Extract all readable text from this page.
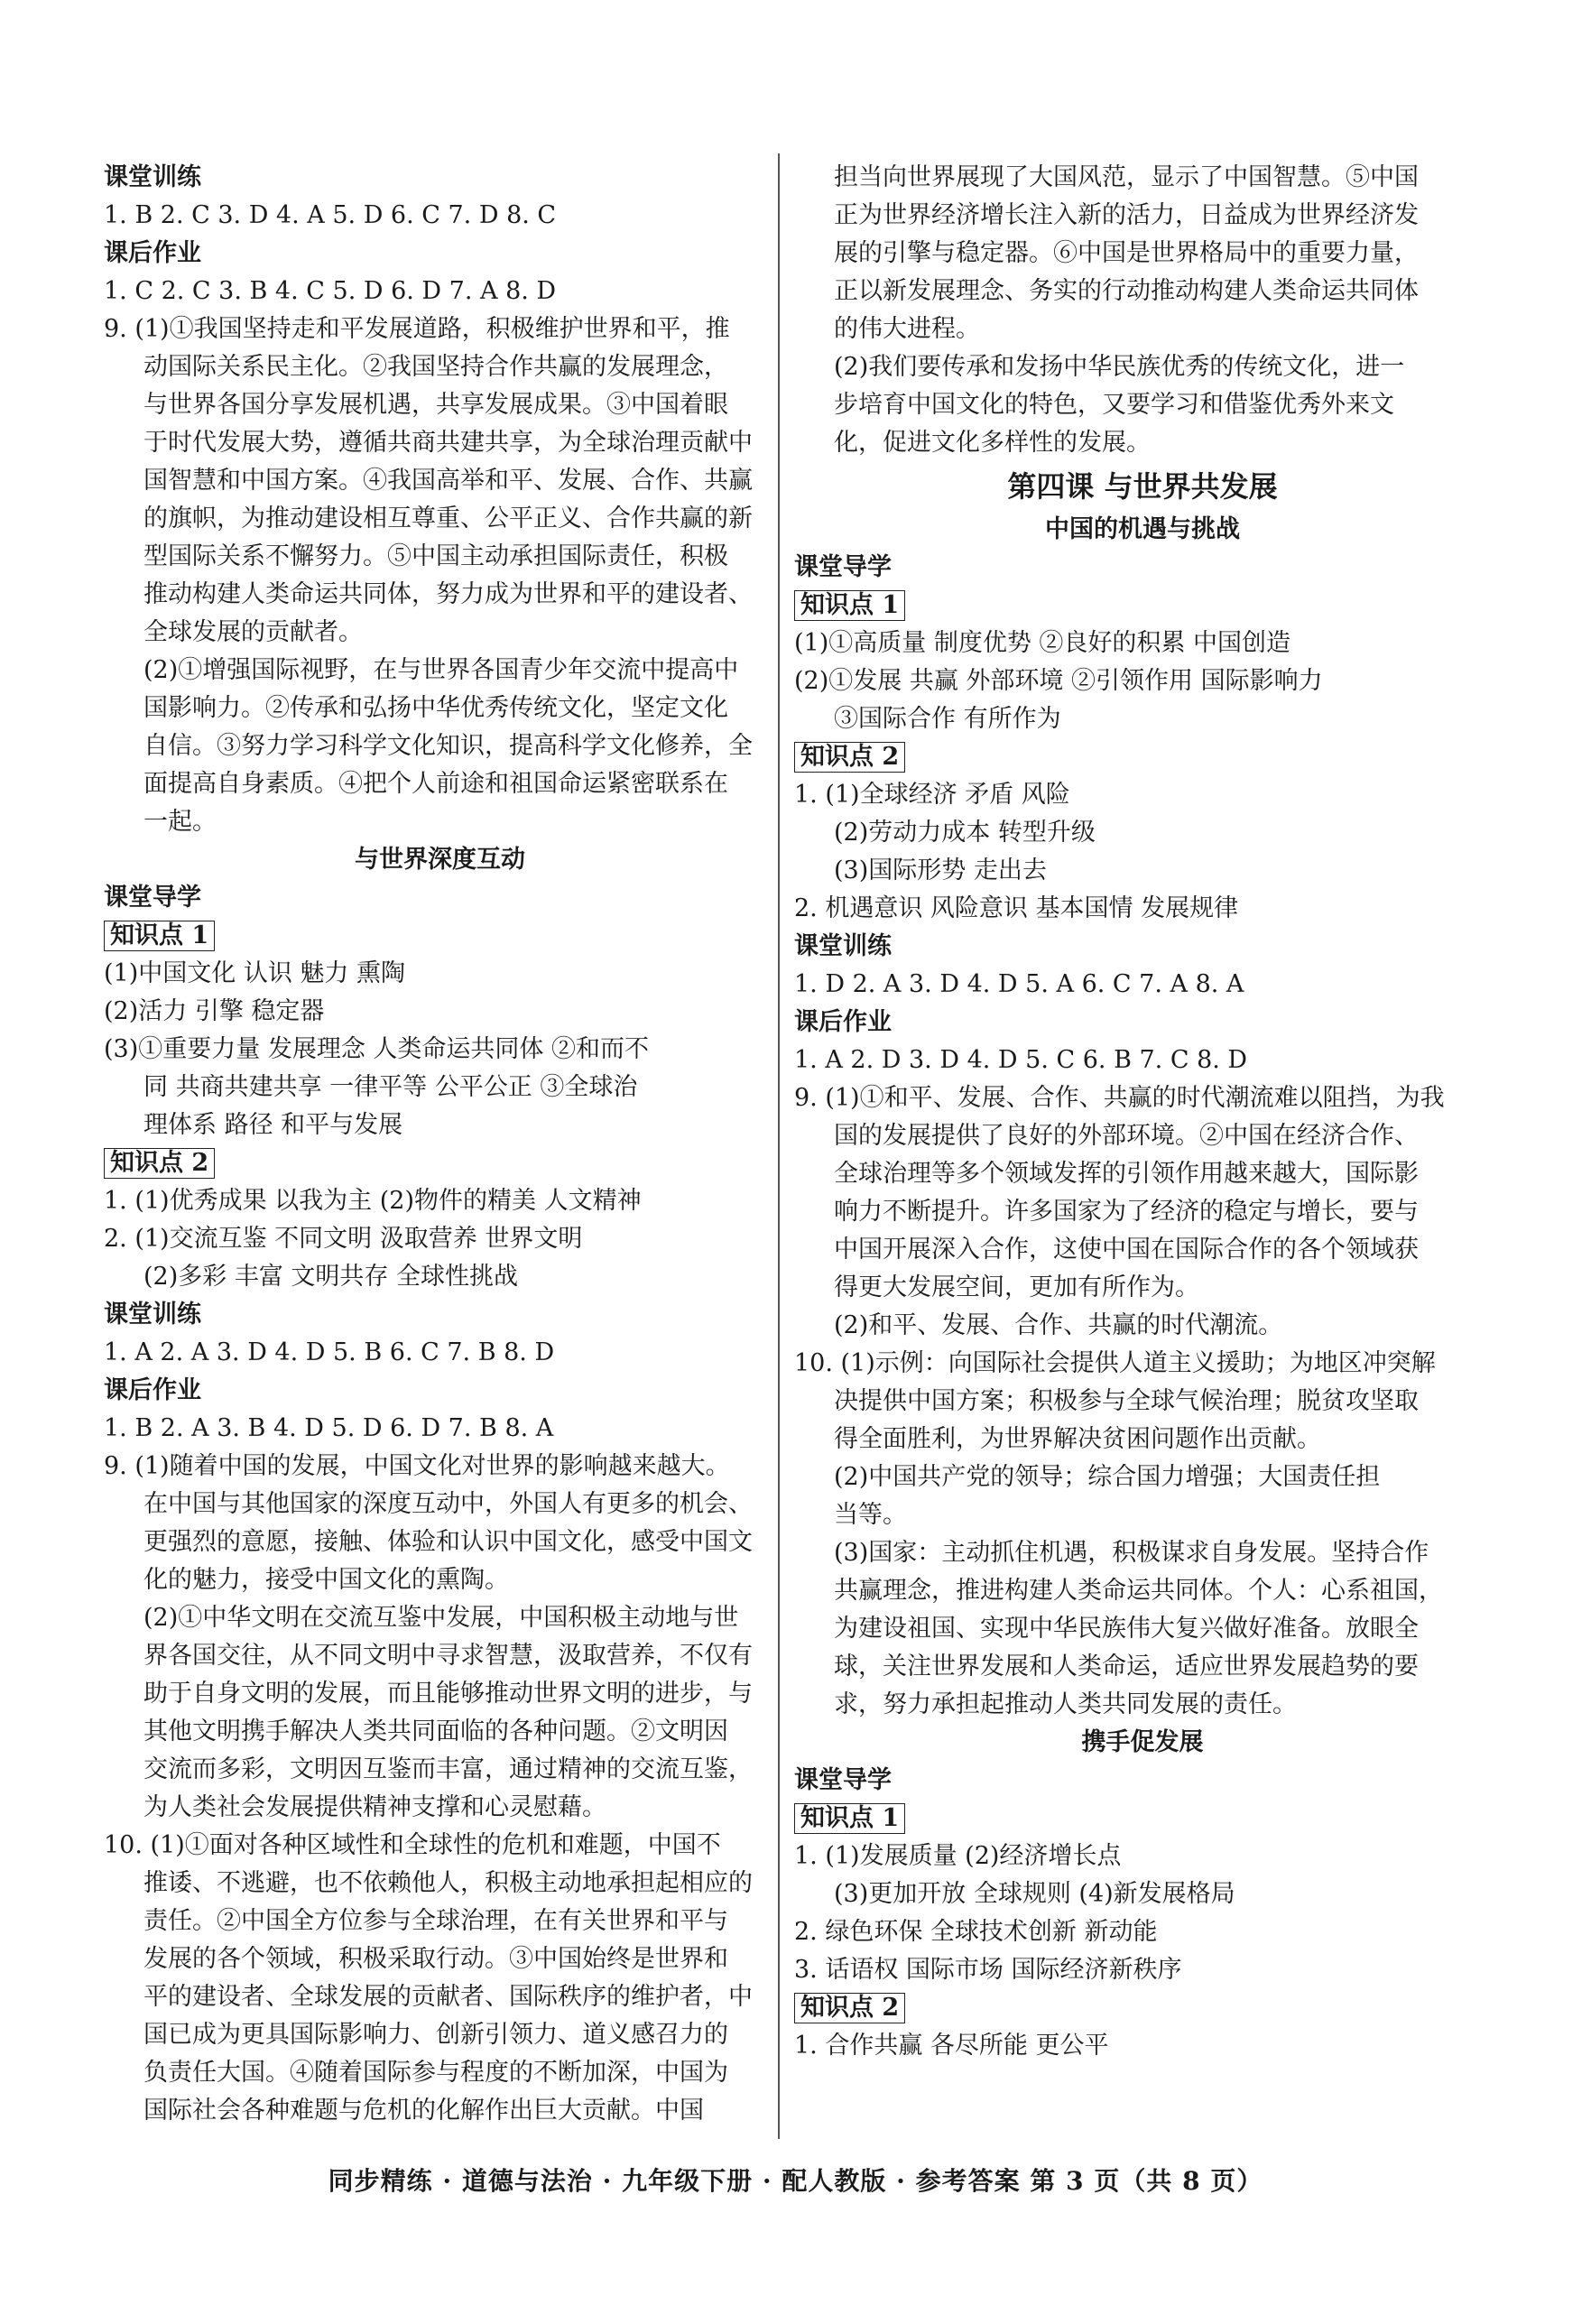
课堂训练
1. B 2. C 3. D 4. A 5. D 6. C 7. D 8. C
课后作业
1. C 2. C 3. B 4. C 5. D 6. D 7. A 8. D
9. (1)①我国坚持走和平发展道路，积极维护世界和平，推
动国际关系民主化。②我国坚持合作共赢的发展理念，
与世界各国分享发展机遇，共享发展成果。③中国着眼
于时代发展大势，遵循共商共建共享，为全球治理贡献中
国智慧和中国方案。④我国高举和平、发展、合作、共赢
的旗帜，为推动建设相互尊重、公平正义、合作共赢的新
型国际关系不懈努力。⑤中国主动承担国际责任，积极
推动构建人类命运共同体，努力成为世界和平的建设者、
全球发展的贡献者。
(2)①增强国际视野，在与世界各国青少年交流中提高中
国影响力。②传承和弘扬中华优秀传统文化，坚定文化
自信。③努力学习科学文化知识，提高科学文化修养，全
面提高自身素质。④把个人前途和祖国命运紧密联系在
一起。
与世界深度互动
课堂导学
知识点 1
(1)中国文化 认识 魅力 熏陶
(2)活力 引擎 稳定器
(3)①重要力量 发展理念 人类命运共同体 ②和而不
同 共商共建共享 一律平等 公平公正 ③全球治
理体系 路径 和平与发展
知识点 2
1. (1)优秀成果 以我为主 (2)物件的精美 人文精神
2. (1)交流互鉴 不同文明 汲取营养 世界文明
(2)多彩 丰富 文明共存 全球性挑战
课堂训练
1. A 2. A 3. D 4. D 5. B 6. C 7. B 8. D
课后作业
1. B 2. A 3. B 4. D 5. D 6. D 7. B 8. A
9. (1)随着中国的发展，中国文化对世界的影响越来越大。
在中国与其他国家的深度互动中，外国人有更多的机会、
更强烈的意愿，接触、体验和认识中国文化，感受中国文
化的魅力，接受中国文化的熏陶。
(2)①中华文明在交流互鉴中发展，中国积极主动地与世
界各国交往，从不同文明中寻求智慧，汲取营养，不仅有
助于自身文明的发展，而且能够推动世界文明的进步，与
其他文明携手解决人类共同面临的各种问题。②文明因
交流而多彩，文明因互鉴而丰富，通过精神的交流互鉴，
为人类社会发展提供精神支撑和心灵慰藉。
10. (1)①面对各种区域性和全球性的危机和难题，中国不
推诿、不逃避，也不依赖他人，积极主动地承担起相应的
责任。②中国全方位参与全球治理，在有关世界和平与
发展的各个领域，积极采取行动。③中国始终是世界和
平的建设者、全球发展的贡献者、国际秩序的维护者，中
国已成为更具国际影响力、创新引领力、道义感召力的
负责任大国。④随着国际参与程度的不断加深，中国为
国际社会各种难题与危机的化解作出巨大贡献。中国
担当向世界展现了大国风范，显示了中国智慧。⑤中国
正为世界经济增长注入新的活力，日益成为世界经济发
展的引擎与稳定器。⑥中国是世界格局中的重要力量，
正以新发展理念、务实的行动推动构建人类命运共同体
的伟大进程。
(2)我们要传承和发扬中华民族优秀的传统文化，进一
步培育中国文化的特色，又要学习和借鉴优秀外来文
化，促进文化多样性的发展。
第四课 与世界共发展
中国的机遇与挑战
课堂导学
知识点 1
(1)①高质量 制度优势 ②良好的积累 中国创造
(2)①发展 共赢 外部环境 ②引领作用 国际影响力
③国际合作 有所作为
知识点 2
1. (1)全球经济 矛盾 风险
(2)劳动力成本 转型升级
(3)国际形势 走出去
2. 机遇意识 风险意识 基本国情 发展规律
课堂训练
1. D 2. A 3. D 4. D 5. A 6. C 7. A 8. A
课后作业
1. A 2. D 3. D 4. D 5. C 6. B 7. C 8. D
9. (1)①和平、发展、合作、共赢的时代潮流难以阻挡，为我
国的发展提供了良好的外部环境。②中国在经济合作、
全球治理等多个领域发挥的引领作用越来越大，国际影
响力不断提升。许多国家为了经济的稳定与增长，要与
中国开展深入合作，这使中国在国际合作的各个领域获
得更大发展空间，更加有所作为。
(2)和平、发展、合作、共赢的时代潮流。
10. (1)示例：向国际社会提供人道主义援助；为地区冲突解
决提供中国方案；积极参与全球气候治理；脱贫攻坚取
得全面胜利，为世界解决贫困问题作出贡献。
(2)中国共产党的领导；综合国力增强；大国责任担
当等。
(3)国家：主动抓住机遇，积极谋求自身发展。坚持合作
共赢理念，推进构建人类命运共同体。个人：心系祖国，
为建设祖国、实现中华民族伟大复兴做好准备。放眼全
球，关注世界发展和人类命运，适应世界发展趋势的要
求，努力承担起推动人类共同发展的责任。
携手促发展
课堂导学
知识点 1
1. (1)发展质量 (2)经济增长点
(3)更加开放 全球规则 (4)新发展格局
2. 绿色环保 全球技术创新 新动能
3. 话语权 国际市场 国际经济新秩序
知识点 2
1. 合作共赢 各尽所能 更公平
同步精练 · 道德与法治 · 九年级下册 · 配人教版 · 参考答案 第 3 页（共 8 页）
